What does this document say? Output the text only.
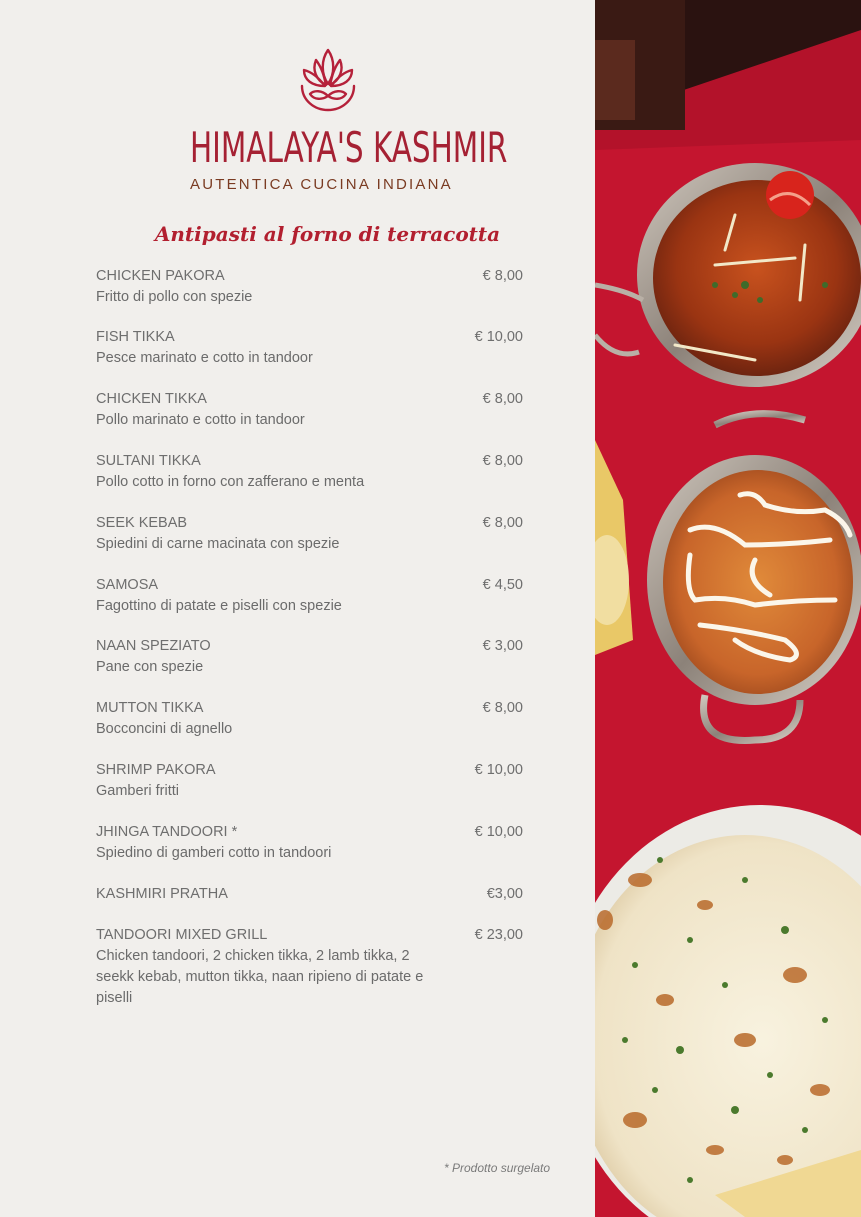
HIMALAYA'S KASHMIR
AUTENTICA CUCINA INDIANA
Antipasti al forno di terracotta
CHICKEN PAKORA	€ 8,00
Fritto di pollo con spezie
FISH TIKKA	€ 10,00
Pesce marinato e cotto in tandoor
CHICKEN TIKKA	€ 8,00
Pollo marinato e cotto in tandoor
SULTANI TIKKA	€ 8,00
Pollo cotto in forno con zafferano e menta
SEEK KEBAB	€ 8,00
Spiedini di carne macinata con spezie
SAMOSA	€ 4,50
Fagottino di patate e piselli con spezie
NAAN SPEZIATO	€ 3,00
Pane con spezie
MUTTON TIKKA	€ 8,00
Bocconcini di agnello
SHRIMP PAKORA	€ 10,00
Gamberi fritti
JHINGA TANDOORI *	€ 10,00
Spiedino di gamberi cotto in tandoori
KASHMIRI PRATHA	€3,00
TANDOORI MIXED GRILL	€ 23,00
Chicken tandoori, 2 chicken tikka, 2 lamb tikka, 2 seekk kebab, mutton tikka, naan ripieno di patate e piselli
* Prodotto surgelato
